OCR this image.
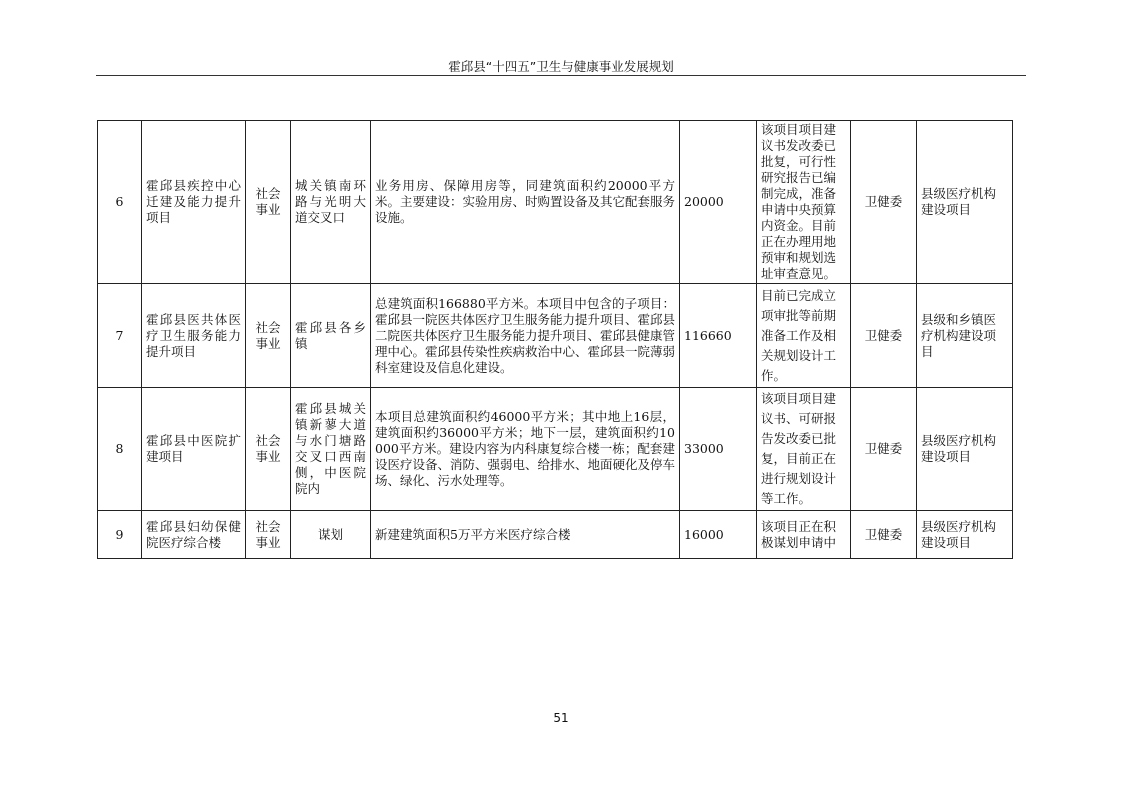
霍邱县“十四五”卫生与健康事业发展规划
6	霍邱县疾控中心迁建及能力提升项目	社会事业	城关镇南环路与光明大道交叉口	业务用房、保障用房等，同建筑面积约20000平方米。主要建设：实验用房、时购置设备及其它配套服务设施。	20000	该项目项目建议书发改委已批复，可行性研究报告已编制完成，准备申请中央预算内资金。目前正在办理用地预审和规划选址审查意见。	卫健委	县级医疗机构建设项目
7	霍邱县医共体医疗卫生服务能力提升项目	社会事业	霍邱县各乡镇	总建筑面积166880平方米。本项目中包含的子项目：霍邱县一院医共体医疗卫生服务能力提升项目、霍邱县二院医共体医疗卫生服务能力提升项目、霍邱县健康管理中心。霍邱县传染性疾病救治中心、霍邱县一院薄弱科室建设及信息化建设。	116660	目前已完成立项审批等前期准备工作及相关规划设计工作。	卫健委	县级和乡镇医疗机构建设项目
8	霍邱县中医院扩建项目	社会事业	霍邱县城关镇新蓼大道与水门塘路交叉口西南侧，中医院院内	本项目总建筑面积约46000平方米；其中地上16层，建筑面积约36000平方米；地下一层，建筑面积约10000平方米。建设内容为内科康复综合楼一栋；配套建设医疗设备、消防、强弱电、给排水、地面硬化及停车场、绿化、污水处理等。	33000	该项目项目建议书、可研报告发改委已批复，目前正在进行规划设计等工作。	卫健委	县级医疗机构建设项目
9	霍邱县妇幼保健院医疗综合楼	社会事业	谋划	新建建筑面积5万平方米医疗综合楼	16000	该项目正在积极谋划申请中	卫健委	县级医疗机构建设项目
51
